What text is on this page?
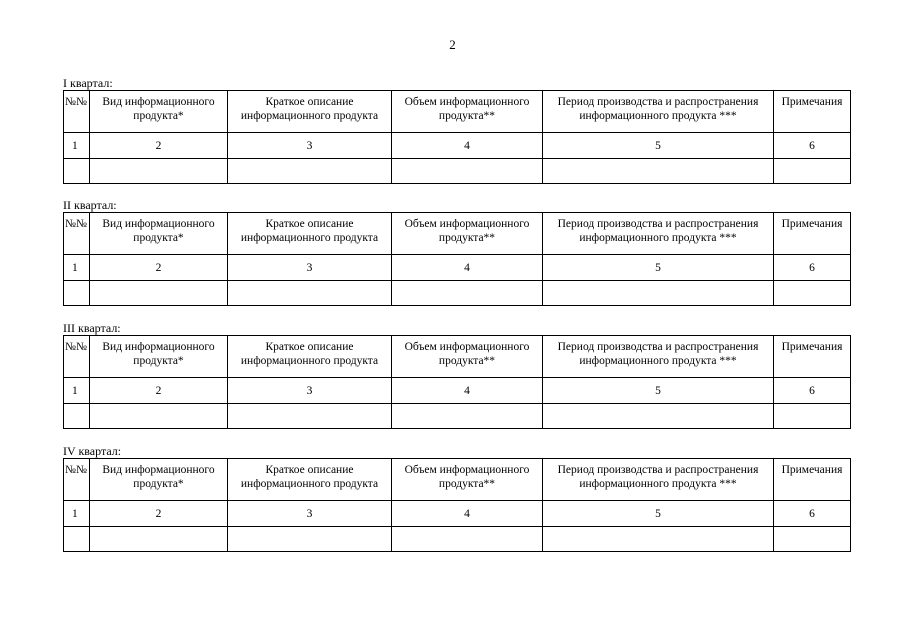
2
I квартал:
№№	Вид информационного продукта*	Краткое описание информационного продукта	Объем информационного продукта**	Период производства и распространения информационного продукта ***	Примечания
1	2	3	4	5	6

II квартал:
№№	Вид информационного продукта*	Краткое описание информационного продукта	Объем информационного продукта**	Период производства и распространения информационного продукта ***	Примечания
1	2	3	4	5	6

III квартал:
№№	Вид информационного продукта*	Краткое описание информационного продукта	Объем информационного продукта**	Период производства и распространения информационного продукта ***	Примечания
1	2	3	4	5	6

IV квартал:
№№	Вид информационного продукта*	Краткое описание информационного продукта	Объем информационного продукта**	Период производства и распространения информационного продукта ***	Примечания
1	2	3	4	5	6
